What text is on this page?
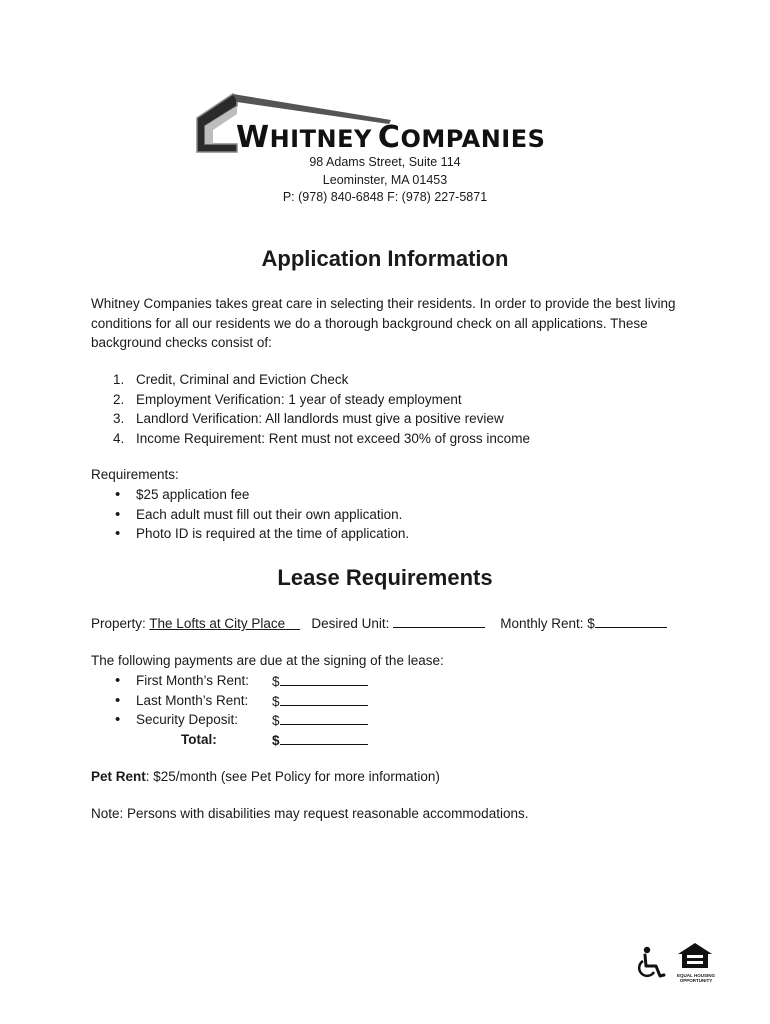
WHITNEY COMPANIES
98 Adams Street, Suite 114
Leominster, MA 01453
P: (978) 840-6848 F: (978) 227-5871
Application Information
Whitney Companies takes great care in selecting their residents. In order to provide the best living conditions for all our residents we do a thorough background check on all applications. These background checks consist of:
1. Credit, Criminal and Eviction Check
2. Employment Verification: 1 year of steady employment
3. Landlord Verification: All landlords must give a positive review
4. Income Requirement: Rent must not exceed 30% of gross income
Requirements:
• $25 application fee
• Each adult must fill out their own application.
• Photo ID is required at the time of application.
Lease Requirements
Property: The Lofts at City Place Desired Unit:	Monthly Rent: $
The following payments are due at the signing of the lease:
• First Month’s Rent: $
• Last Month’s Rent: $
• Security Deposit:	$
Total:	$
Pet Rent: $25/month (see Pet Policy for more information)
Note: Persons with disabilities may request reasonable accommodations.
EQUAL HOUSING
OPPORTUNITY
